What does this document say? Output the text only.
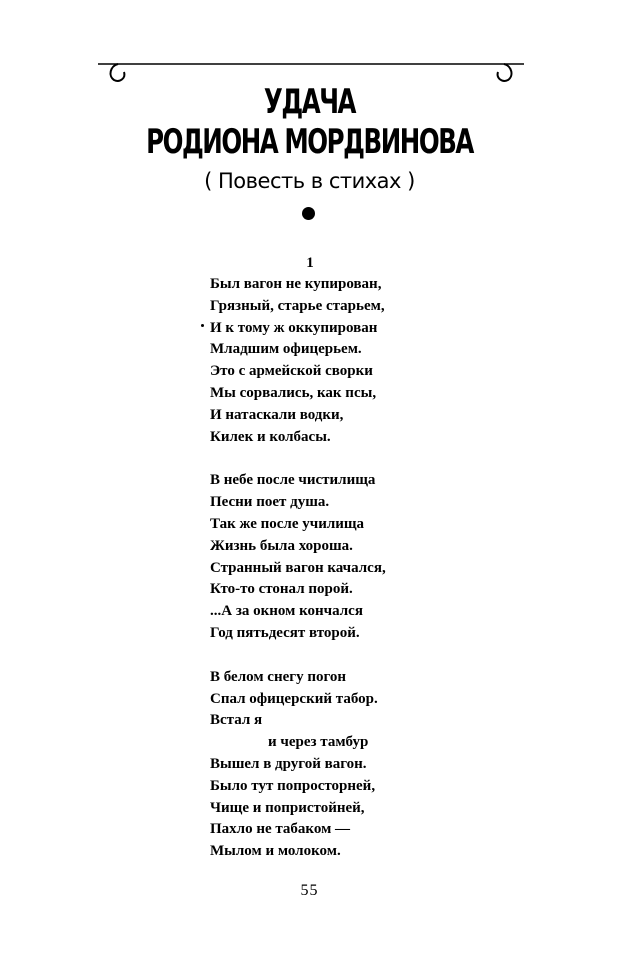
УДАЧА
РОДИОНА МОРДВИНОВА
( Повесть в стихах )
1
Был вагон не купирован,
Грязный, старье старьем,
И к тому ж оккупирован
Младшим офицерьем.
Это с армейской сворки
Мы сорвались, как псы,
И натаскали водки,
Килек и колбасы.
В небе после чистилища
Песни поет душа.
Так же после училища
Жизнь была хороша.
Странный вагон качался,
Кто-то стонал порой.
...А за окном кончался
Год пятьдесят второй.
В белом снегу погон
Спал офицерский табор.
Встал я
и через тамбур
Вышел в другой вагон.
Было тут попросторней,
Чище и попристойней,
Пахло не табаком —
Мылом и молоком.
55
